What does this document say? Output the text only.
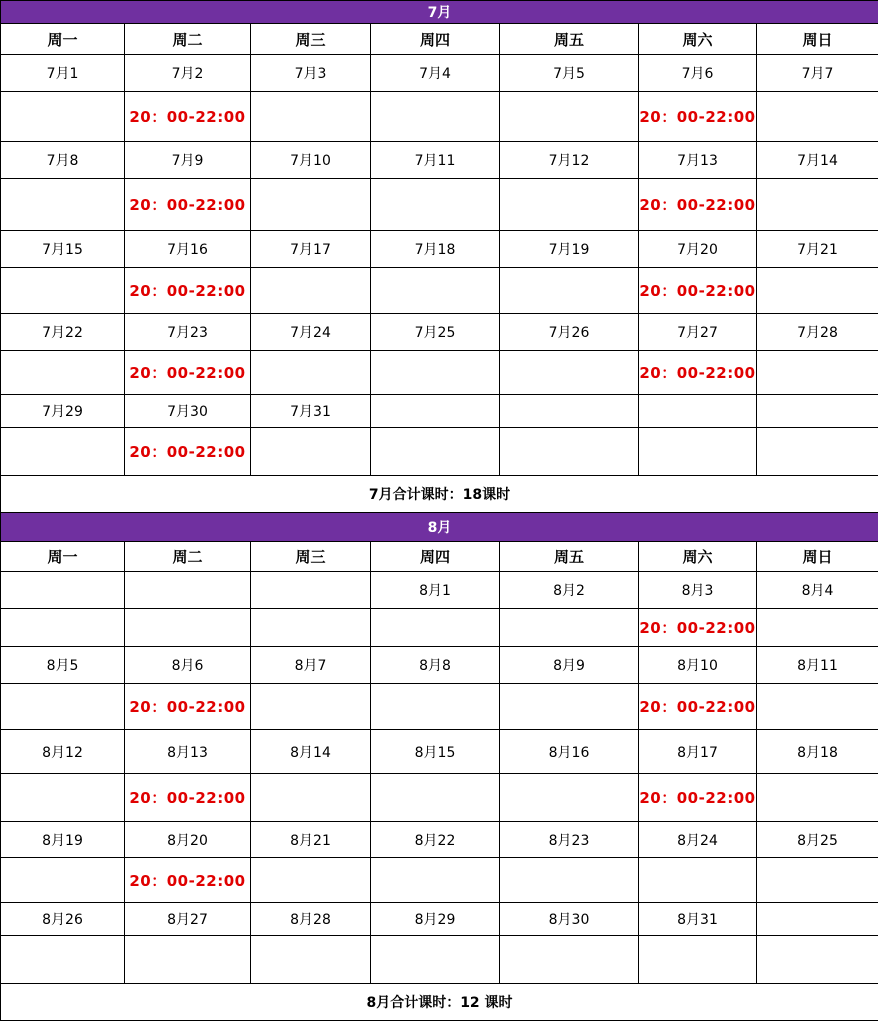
7月						
周一	周二	周三	周四	周五	周六	周日
7月1	7月2	7月3	7月4	7月5	7月6	7月7
	20：00-22:00				20：00-22:00	
7月8	7月9	7月10	7月11	7月12	7月13	7月14
	20：00-22:00				20：00-22:00	
7月15	7月16	7月17	7月18	7月19	7月20	7月21
	20：00-22:00				20：00-22:00	
7月22	7月23	7月24	7月25	7月26	7月27	7月28
	20：00-22:00				20：00-22:00	
7月29	7月30	7月31				
	20：00-22:00					
7月合计课时：18课时						
8月						
周一	周二	周三	周四	周五	周六	周日
			8月1	8月2	8月3	8月4
					20：00-22:00	
8月5	8月6	8月7	8月8	8月9	8月10	8月11
	20：00-22:00				20：00-22:00	
8月12	8月13	8月14	8月15	8月16	8月17	8月18
	20：00-22:00				20：00-22:00	
8月19	8月20	8月21	8月22	8月23	8月24	8月25
	20：00-22:00					
8月26	8月27	8月28	8月29	8月30	8月31	

8月合计课时：12 课时						
